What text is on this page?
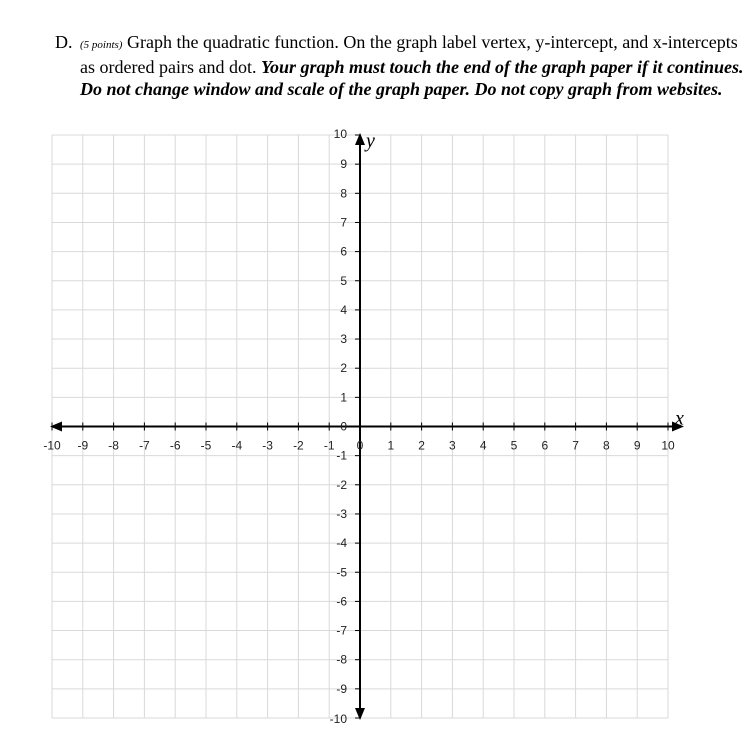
D. (5 points) Graph the quadratic function. On the graph label vertex, y-intercept, and x-intercepts as ordered pairs and dot. Your graph must touch the end of the graph paper if it continues. Do not change window and scale of the graph paper. Do not copy graph from websites.
-10 -9 -8 -7 -6 -5 -4 -3 -2 -1 0 1 2 3 4 5 6 7 8 9 10
10
9
8
7
6
5
4
3
2
1
0
-1
-2
-3
-4
-5
-6
-7
-8
-9
-10
x
y
